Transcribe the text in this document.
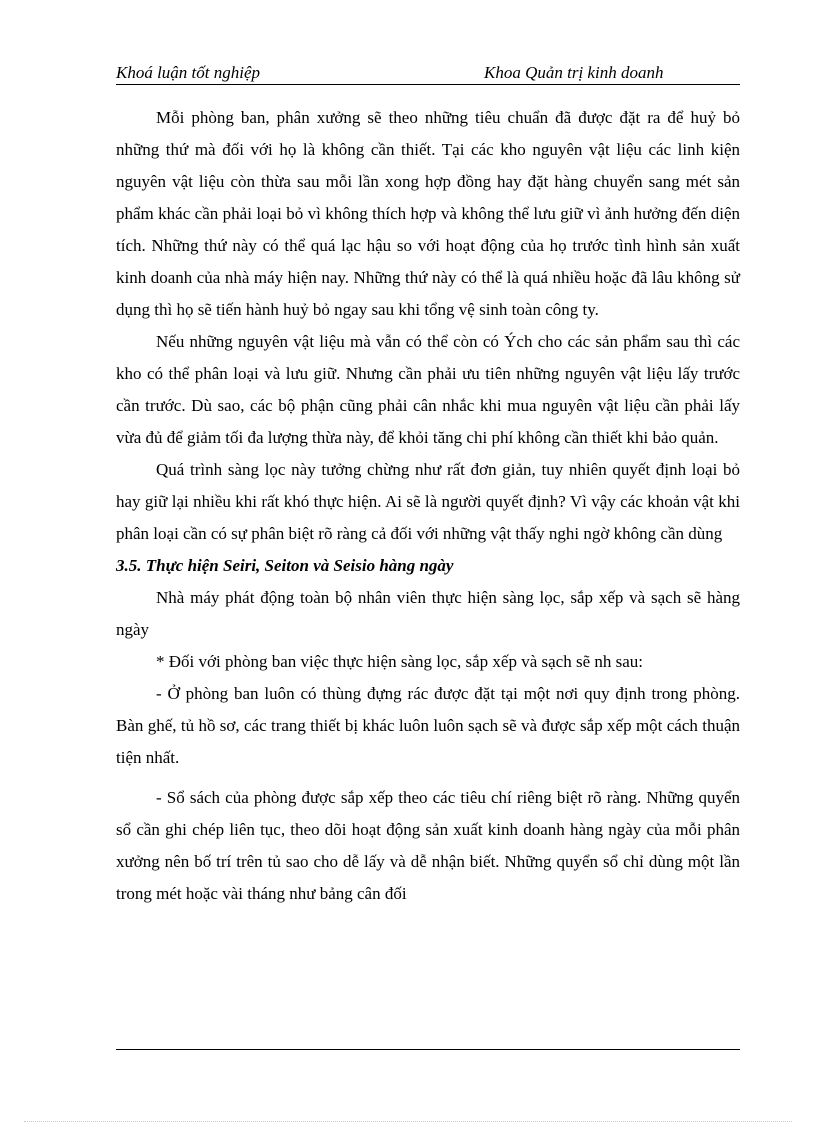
Khoá luận tốt nghiệp	Khoa Quản trị kinh doanh

Mỗi phòng ban, phân xưởng sẽ theo những tiêu chuẩn đã được đặt ra để huỷ bỏ những thứ mà đối với họ là không cần thiết. Tại các kho nguyên vật liệu các linh kiện nguyên vật liệu còn thừa sau mỗi lần xong hợp đồng hay đặt hàng chuyển sang mét sản phẩm khác cần phải loại bỏ vì không thích hợp và không thể lưu giữ vì ảnh hưởng đến diện tích. Những thứ này có thể quá lạc hậu so với hoạt động của họ trước tình hình sản xuất kinh doanh của nhà máy hiện nay. Những thứ này có thể là quá nhiều hoặc đã lâu không sử dụng thì họ sẽ tiến hành huỷ bỏ ngay sau khi tổng vệ sinh toàn công ty.

Nếu những nguyên vật liệu mà vẫn có thể còn có Ých cho các sản phẩm sau thì các kho có thể phân loại và lưu giữ. Nhưng cần phải ưu tiên những nguyên vật liệu lấy trước cần trước. Dù sao, các bộ phận cũng phải cân nhắc khi mua nguyên vật liệu cần phải lấy vừa đủ để giảm tối đa lượng thừa này, để khỏi tăng chi phí không cần thiết khi bảo quản.

Quá trình sàng lọc này tưởng chừng như rất đơn giản, tuy nhiên quyết định loại bỏ hay giữ lại nhiều khi rất khó thực hiện. Ai sẽ là người quyết định? Vì vậy các khoản vật khi phân loại cần có sự phân biệt rõ ràng cả đối với những vật thấy nghi ngờ không cần dùng

3.5. Thực hiện Seiri, Seiton và Seisio hàng ngày

Nhà máy phát động toàn bộ nhân viên thực hiện sàng lọc, sắp xếp và sạch sẽ hàng ngày

* Đối với phòng ban việc thực hiện sàng lọc, sắp xếp và sạch sẽ nh sau:

- Ở phòng ban luôn có thùng đựng rác được đặt tại một nơi quy định trong phòng. Bàn ghế, tủ hồ sơ, các trang thiết bị khác luôn luôn sạch sẽ và được sắp xếp một cách thuận tiện nhất.

- Sổ sách của phòng được sắp xếp theo các tiêu chí riêng biệt rõ ràng. Những quyển sổ cần ghi chép liên tục, theo dõi hoạt động sản xuất kinh doanh hàng ngày của mỗi phân xưởng nên bố trí trên tủ sao cho dễ lấy và dễ nhận biết. Những quyển sổ chỉ dùng một lần trong mét hoặc vài tháng như bảng cân đối
